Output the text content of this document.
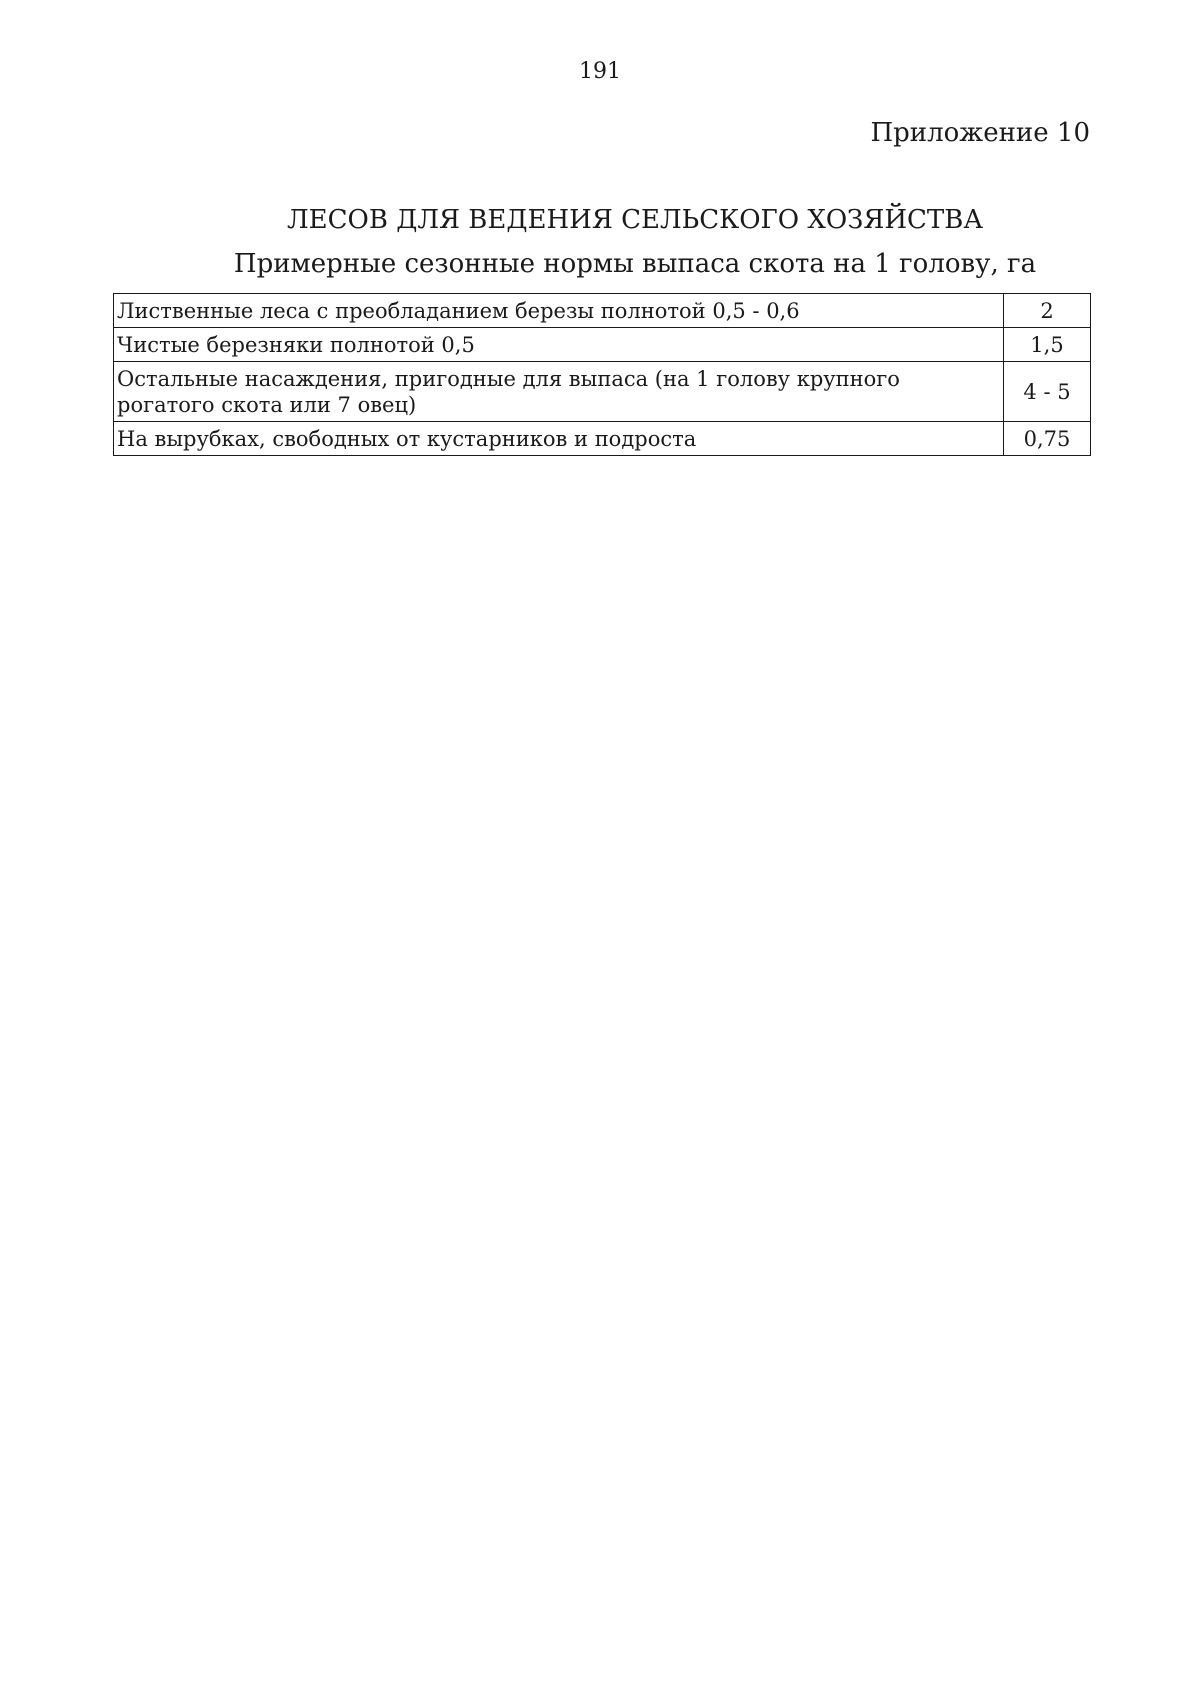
191
Приложение 10
ЛЕСОВ ДЛЯ ВЕДЕНИЯ СЕЛЬСКОГО ХОЗЯЙСТВА
Примерные сезонные нормы выпаса скота на 1 голову, га
Лиственные леса с преобладанием березы полнотой 0,5 - 0,6	2
Чистые березняки полнотой 0,5	1,5
Остальные насаждения, пригодные для выпаса (на 1 голову крупного рогатого скота или 7 овец)	4 - 5
На вырубках, свободных от кустарников и подроста	0,75
